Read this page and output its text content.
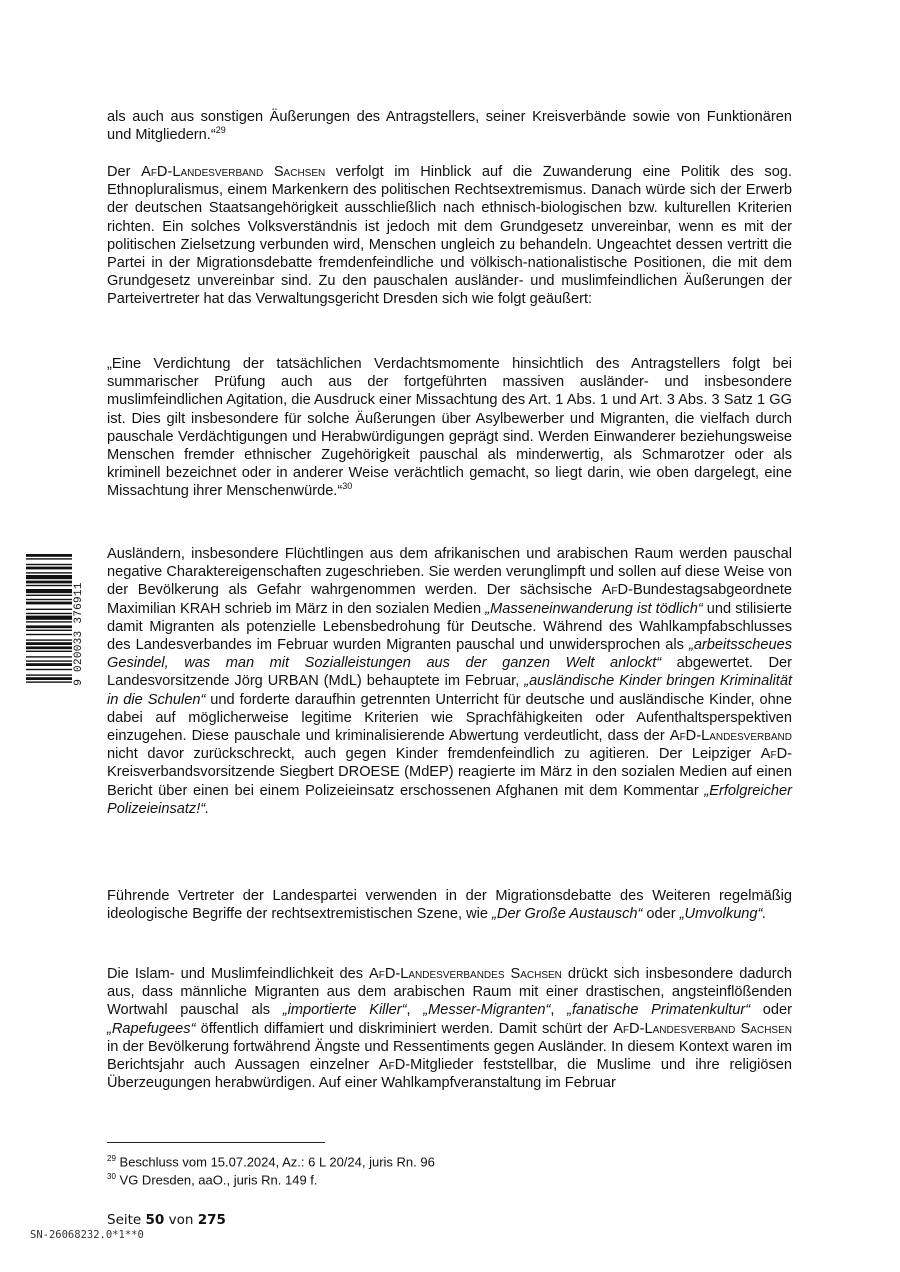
9 020033 376911

als auch aus sonstigen Äußerungen des Antragstellers, seiner Kreisverbände sowie von Funktionären und Mitgliedern.“$^{29}$

Der AfD-Landesverband Sachsen verfolgt im Hinblick auf die Zuwanderung eine Politik des sog. Ethnopluralismus, einem Markenkern des politischen Rechtsextremismus. Danach würde sich der Erwerb der deutschen Staatsangehörigkeit ausschließlich nach ethnisch-biologischen bzw. kulturellen Kriterien richten. Ein solches Volksverständnis ist jedoch mit dem Grundgesetz unvereinbar, wenn es mit der politischen Zielsetzung verbunden wird, Menschen ungleich zu behandeln. Ungeachtet dessen vertritt die Partei in der Migrationsdebatte fremdenfeindliche und völkisch-nationalistische Positionen, die mit dem Grundgesetz unvereinbar sind. Zu den pauschalen ausländer- und muslimfeindlichen Äußerungen der Parteivertreter hat das Verwaltungsgericht Dresden sich wie folgt geäußert:

„Eine Verdichtung der tatsächlichen Verdachtsmomente hinsichtlich des Antragstellers folgt bei summarischer Prüfung auch aus der fortgeführten massiven ausländer- und insbesondere muslimfeindlichen Agitation, die Ausdruck einer Missachtung des Art. 1 Abs. 1 und Art. 3 Abs. 3 Satz 1 GG ist. Dies gilt insbesondere für solche Äußerungen über Asylbewerber und Migranten, die vielfach durch pauschale Verdächtigungen und Herabwürdigungen geprägt sind. Werden Einwanderer beziehungsweise Menschen fremder ethnischer Zugehörigkeit pauschal als minderwertig, als Schmarotzer oder als kriminell bezeichnet oder in anderer Weise verächtlich gemacht, so liegt darin, wie oben dargelegt, eine Missachtung ihrer Menschenwürde.“$^{30}$

Ausländern, insbesondere Flüchtlingen aus dem afrikanischen und arabischen Raum werden pauschal negative Charaktereigenschaften zugeschrieben. Sie werden verunglimpft und sollen auf diese Weise von der Bevölkerung als Gefahr wahrgenommen werden. Der sächsische AfD-Bundestagsabgeordnete Maximilian KRAH schrieb im März in den sozialen Medien „Masseneinwanderung ist tödlich“ und stilisierte damit Migranten als potenzielle Lebensbedrohung für Deutsche. Während des Wahlkampfabschlusses des Landesverbandes im Februar wurden Migranten pauschal und unwidersprochen als „arbeitsscheues Gesindel, was man mit Sozialleistungen aus der ganzen Welt anlockt“ abgewertet. Der Landesvorsitzende Jörg URBAN (MdL) behauptete im Februar, „ausländische Kinder bringen Kriminalität in die Schulen“ und forderte daraufhin getrennten Unterricht für deutsche und ausländische Kinder, ohne dabei auf möglicherweise legitime Kriterien wie Sprachfähigkeiten oder Aufenthaltsperspektiven einzugehen. Diese pauschale und kriminalisierende Abwertung verdeutlicht, dass der AfD-Landesverband nicht davor zurückschreckt, auch gegen Kinder fremdenfeindlich zu agitieren. Der Leipziger AfD-Kreisverbandsvorsitzende Siegbert DROESE (MdEP) reagierte im März in den sozialen Medien auf einen Bericht über einen bei einem Polizeieinsatz erschossenen Afghanen mit dem Kommentar „Erfolgreicher Polizeieinsatz!“.

Führende Vertreter der Landespartei verwenden in der Migrationsdebatte des Weiteren regelmäßig ideologische Begriffe der rechtsextremistischen Szene, wie „Der Große Austausch“ oder „Umvolkung“.

Die Islam- und Muslimfeindlichkeit des AfD-Landesverbandes Sachsen drückt sich insbesondere dadurch aus, dass männliche Migranten aus dem arabischen Raum mit einer drastischen, angsteinflößenden Wortwahl pauschal als „importierte Killer“, „Messer-Migranten“, „fanatische Primatenkultur“ oder „Rapefugees“ öffentlich diffamiert und diskriminiert werden. Damit schürt der AfD-Landesverband Sachsen in der Bevölkerung fortwährend Ängste und Ressentiments gegen Ausländer. In diesem Kontext waren im Berichtsjahr auch Aussagen einzelner AfD-Mitglieder feststellbar, die Muslime und ihre religiösen Überzeugungen herabwürdigen. Auf einer Wahlkampfveranstaltung im Februar

$^{29}$ Beschluss vom 15.07.2024, Az.: 6 L 20/24, juris Rn. 96
$^{30}$ VG Dresden, aaO., juris Rn. 149 f.
Seite 50 von 275
SN-26068232.0*1**0
